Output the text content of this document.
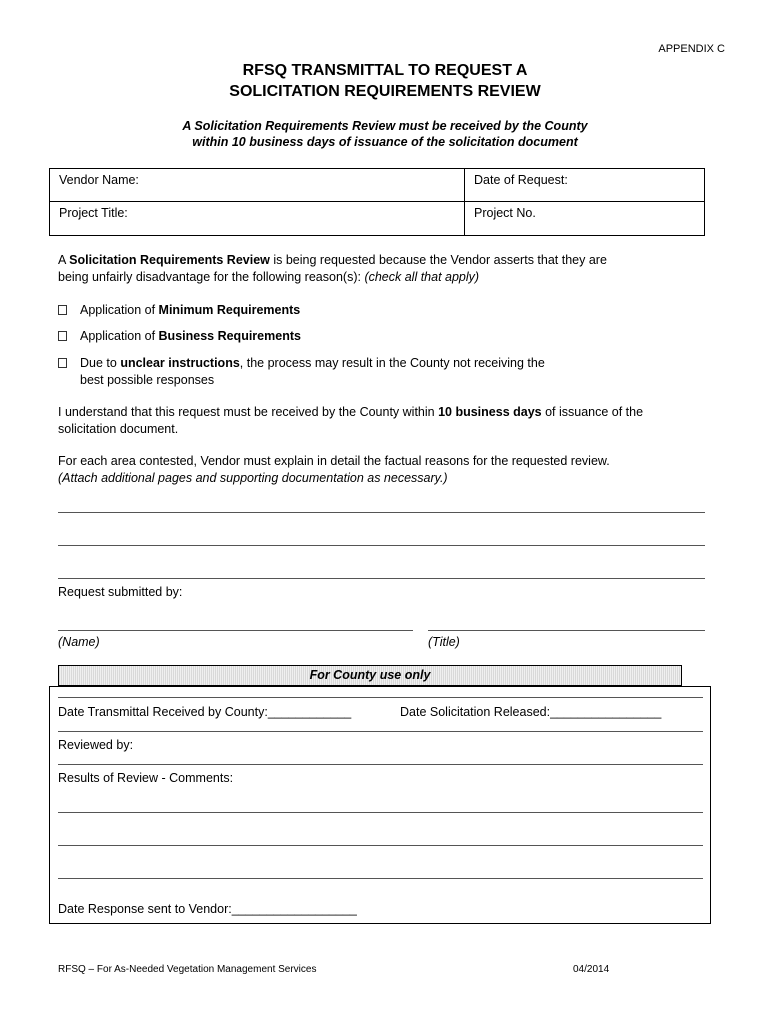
APPENDIX C
RFSQ TRANSMITTAL TO REQUEST A
SOLICITATION REQUIREMENTS REVIEW
A Solicitation Requirements Review must be received by the County
within 10 business days of issuance of the solicitation document
Vendor Name:	Date of Request:
Project Title:	Project No.
A Solicitation Requirements Review is being requested because the Vendor asserts that they are
being unfairly disadvantage for the following reason(s): (check all that apply)
Application of Minimum Requirements
Application of Business Requirements
Due to unclear instructions, the process may result in the County not receiving the
best possible responses
I understand that this request must be received by the County within 10 business days of issuance of the
solicitation document.
For each area contested, Vendor must explain in detail the factual reasons for the requested review.
(Attach additional pages and supporting documentation as necessary.)
Request submitted by:
(Name)	(Title)
For County use only
Date Transmittal Received by County:____________	Date Solicitation Released:________________
Reviewed by:
Results of Review - Comments:
Date Response sent to Vendor:__________________
RFSQ – For As-Needed Vegetation Management Services	04/2014
